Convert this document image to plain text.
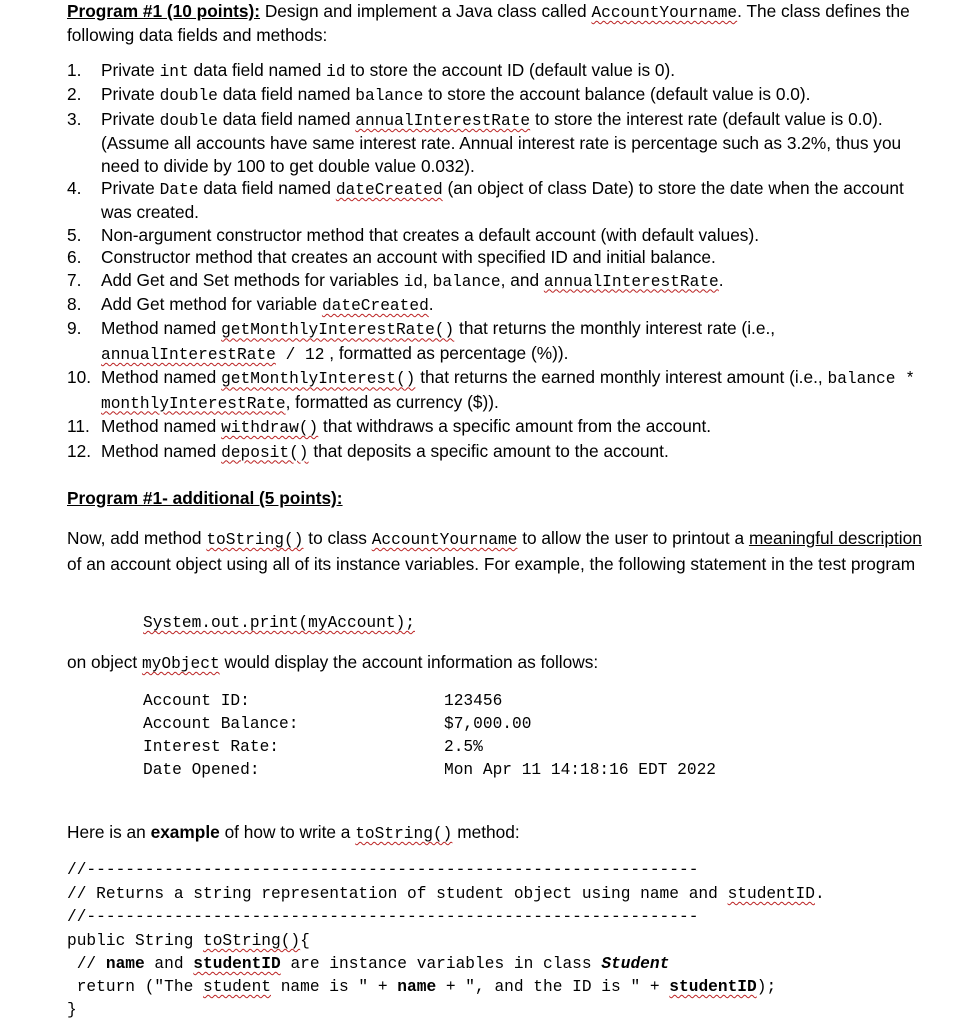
Program #1 (10 points): Design and implement a Java class called AccountYourname. The class defines the following data fields and methods:
1. Private int data field named id to store the account ID (default value is 0).
2. Private double data field named balance to store the account balance (default value is 0.0).
3. Private double data field named annualInterestRate to store the interest rate (default value is 0.0). (Assume all accounts have same interest rate. Annual interest rate is percentage such as 3.2%, thus you need to divide by 100 to get double value 0.032).
4. Private Date data field named dateCreated (an object of class Date) to store the date when the account was created.
5. Non-argument constructor method that creates a default account (with default values).
6. Constructor method that creates an account with specified ID and initial balance.
7. Add Get and Set methods for variables id, balance, and annualInterestRate.
8. Add Get method for variable dateCreated.
9. Method named getMonthlyInterestRate() that returns the monthly interest rate (i.e., annualInterestRate / 12 , formatted as percentage (%)).
10. Method named getMonthlyInterest() that returns the earned monthly interest amount (i.e., balance * monthlyInterestRate, formatted as currency ($)).
11. Method named withdraw() that withdraws a specific amount from the account.
12. Method named deposit() that deposits a specific amount to the account.
Program #1- additional (5 points):
Now, add method toString() to class AccountYourname to allow the user to printout a meaningful description of an account object using all of its instance variables. For example, the following statement in the test program
System.out.print(myAccount);
on object myObject would display the account information as follows:
Account ID:	123456
Account Balance:	$7,000.00
Interest Rate:	2.5%
Date Opened:	Mon Apr 11 14:18:16 EDT 2022
Here is an example of how to write a toString() method:
//---------------------------------------------------------------
// Returns a string representation of student object using name and studentID.
//---------------------------------------------------------------
public String toString(){
// name and studentID are instance variables in class Student
return ("The student name is " + name + ", and the ID is " + studentID);
}
